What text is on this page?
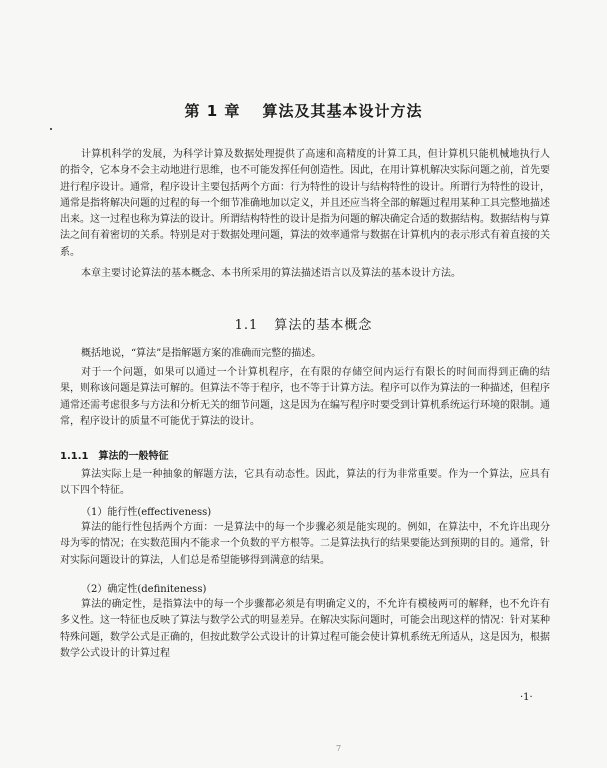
第 1 章 算法及其基本设计方法

计算机科学的发展，为科学计算及数据处理提供了高速和高精度的计算工具，但计算机只能机械地执行人的指令，它本身不会主动地进行思维，也不可能发挥任何创造性。因此，在用计算机解决实际问题之前，首先要进行程序设计。通常，程序设计主要包括两个方面：行为特性的设计与结构特性的设计。所谓行为特性的设计，通常是指将解决问题的过程的每一个细节准确地加以定义，并且还应当将全部的解题过程用某种工具完整地描述出来。这一过程也称为算法的设计。所谓结构特性的设计是指为问题的解决确定合适的数据结构。数据结构与算法之间有着密切的关系。特别是对于数据处理问题，算法的效率通常与数据在计算机内的表示形式有着直接的关系。

本章主要讨论算法的基本概念、本书所采用的算法描述语言以及算法的基本设计方法。

1.1 算法的基本概念

概括地说，“算法”是指解题方案的准确而完整的描述。

对于一个问题，如果可以通过一个计算机程序，在有限的存储空间内运行有限长的时间而得到正确的结果，则称该问题是算法可解的。但算法不等于程序，也不等于计算方法。程序可以作为算法的一种描述，但程序通常还需考虑很多与方法和分析无关的细节问题，这是因为在编写程序时要受到计算机系统运行环境的限制。通常，程序设计的质量不可能优于算法的设计。

1.1.1 算法的一般特征

算法实际上是一种抽象的解题方法，它具有动态性。因此，算法的行为非常重要。作为一个算法，应具有以下四个特征。

（1）能行性(effectiveness)

算法的能行性包括两个方面：一是算法中的每一个步骤必须是能实现的。例如，在算法中，不允许出现分母为零的情况；在实数范围内不能求一个负数的平方根等。二是算法执行的结果要能达到预期的目的。通常，针对实际问题设计的算法，人们总是希望能够得到满意的结果。

（2）确定性(definiteness)

算法的确定性，是指算法中的每一个步骤都必须是有明确定义的，不允许有模棱两可的解释，也不允许有多义性。这一特征也反映了算法与数学公式的明显差异。在解决实际问题时，可能会出现这样的情况：针对某种特殊问题，数学公式是正确的，但按此数学公式设计的计算过程可能会使计算机系统无所适从，这是因为，根据数学公式设计的计算过程

·1·
7
